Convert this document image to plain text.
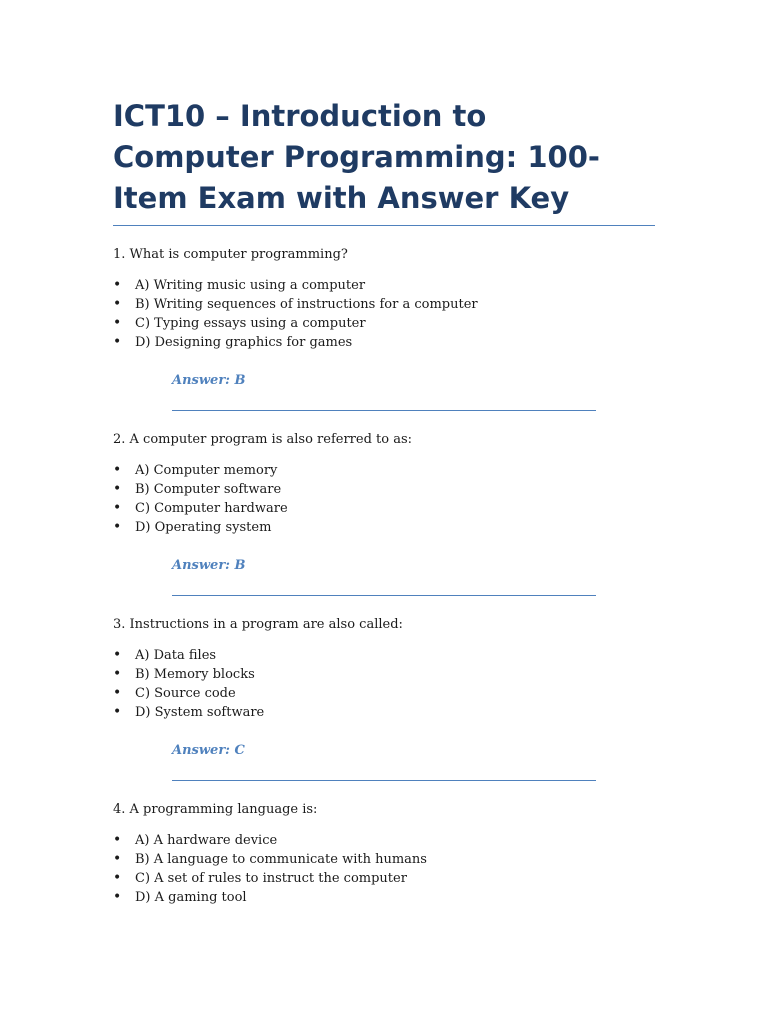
ICT10 – Introduction to Computer Programming: 100-Item Exam with Answer Key

1. What is computer programming?

• A) Writing music using a computer
• B) Writing sequences of instructions for a computer
• C) Typing essays using a computer
• D) Designing graphics for games
Answer: B

2. A computer program is also referred to as:

• A) Computer memory
• B) Computer software
• C) Computer hardware
• D) Operating system
Answer: B

3. Instructions in a program are also called:

• A) Data files
• B) Memory blocks
• C) Source code
• D) System software
Answer: C

4. A programming language is:

• A) A hardware device
• B) A language to communicate with humans
• C) A set of rules to instruct the computer
• D) A gaming tool
